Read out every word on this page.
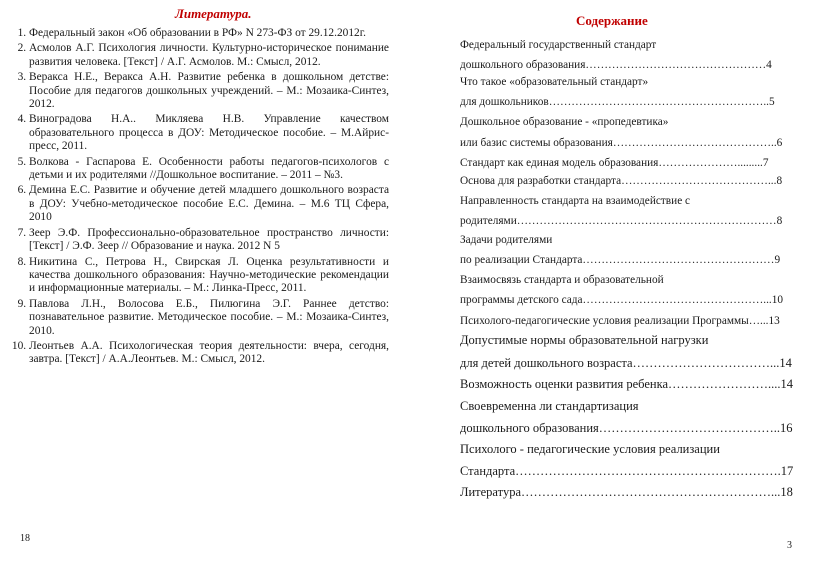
Литература.
1. Федеральный закон «Об образовании в РФ» N 273-ФЗ от 29.12.2012г.
2. Асмолов А.Г. Психология личности. Культурно-историческое понимание развития человека. [Текст] / А.Г. Асмолов. М.: Смысл, 2012.
3. Веракса Н.Е., Веракса А.Н. Развитие ребенка в дошкольном детстве: Пособие для педагогов дошкольных учреждений. – М.: Мозаика-Синтез, 2012.
4. Виноградова Н.А.. Микляева Н.В. Управление качеством образовательного процесса в ДОУ: Методическое пособие. – М.Айрис-пресс, 2011.
5. Волкова - Гаспарова Е. Особенности работы педагогов-психологов с детьми и их родителями //Дошкольное воспитание. – 2011 – №3.
6. Демина Е.С. Развитие и обучение детей младшего дошкольного возраста в ДОУ: Учебно-методическое пособие Е.С. Демина. – М.6 ТЦ Сфера, 2010
7. Зеер Э.Ф. Профессионально-образовательное пространство личности: [Текст] / Э.Ф. Зеер // Образование и наука. 2012 N 5
8. Никитина С., Петрова Н., Свирская Л. Оценка результативности и качества дошкольного образования: Научно-методические рекомендации и информационные материалы. – М.: Линка-Пресс, 2011.
9. Павлова Л.Н., Волосова Е.Б., Пилюгина Э.Г. Раннее детство: познавательное развитие. Методическое пособие. – М.: Мозаика-Синтез, 2010.
10. Леонтьев А.А. Психологическая теория деятельности: вчера, сегодня, завтра. [Текст] / А.А.Леонтьев. М.: Смысл, 2012.
18
Содержание
Федеральный государственный стандарт
дошкольного образования…………………………………………4
Что такое «образовательный стандарт»
для дошкольников…………………………………………………..5
Дошкольное образование - «пропедевтика»
или базис системы образования……………………………………..6
Стандарт как единая модель образования………………….........7
Основа для разработки стандарта…………………………………...8
Направленность стандарта на взаимодействие с
родителями……………………………………………………………8
Задачи родителями
по реализации Стандарта……………………………………………9
Взаимосвязь стандарта и образовательной
программы детского сада…………………………………………...10
Психолого-педагогические условия реализации Программы…...13
Допустимые нормы образовательной нагрузки
для детей дошкольного возраста……………………………...14
Возможность оценки развития ребенка……………………....14
Своевременна ли стандартизация
дошкольного образования……………………………………..16
Психолого - педагогические условия реализации
Стандарта……………………………………………………….17
Литература……………………………………………………...18
3
